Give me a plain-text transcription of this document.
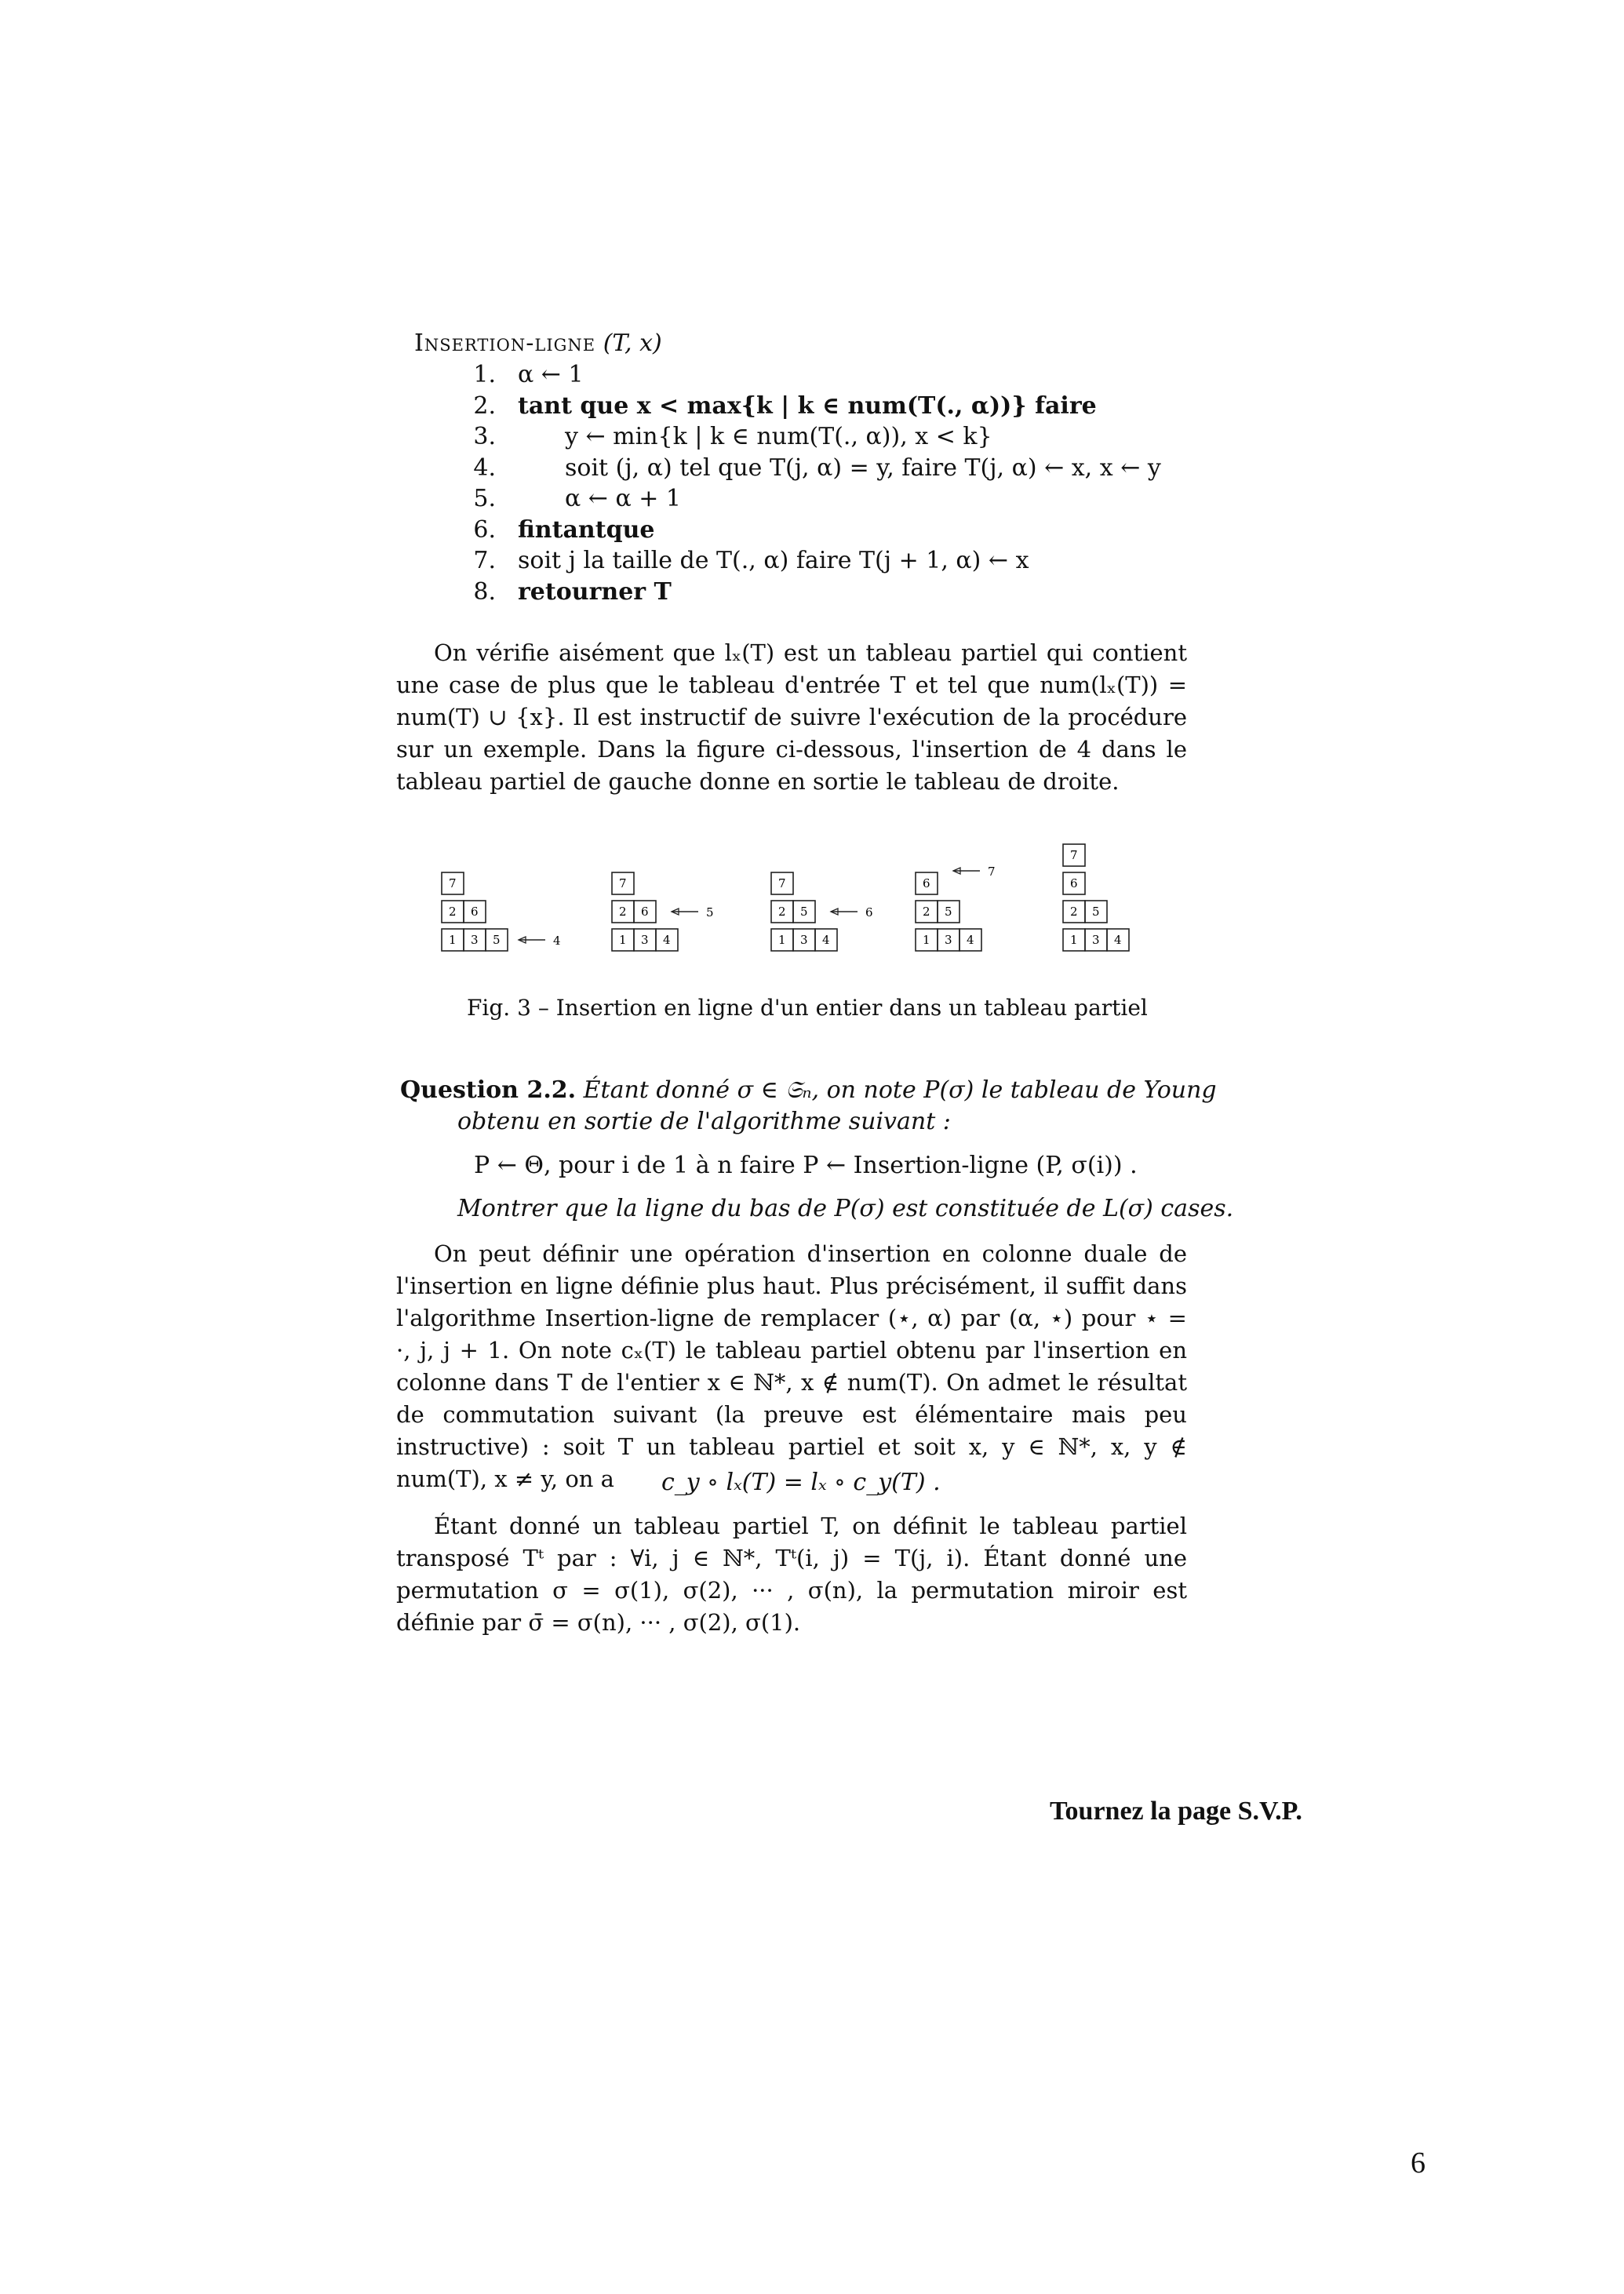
Insertion-ligne (T, x)
1. α ← 1
2. tant que x < max{k | k ∈ num(T(., α))} faire
3.	y ← min{k | k ∈ num(T(., α)), x < k}
4.	soit (j, α) tel que T(j, α) = y, faire T(j, α) ← x, x ← y
5.	α ← α + 1
6. fintantque
7. soit j la taille de T(., α) faire T(j + 1, α) ← x
8. retourner T
On vérifie aisément que lₓ(T) est un tableau partiel qui contient une case de plus que le tableau d'entrée T et tel que num(lₓ(T)) = num(T) ∪ {x}. Il est instructif de suivre l'exécution de la procédure sur un exemple. Dans la figure ci-dessous, l'insertion de 4 dans le tableau partiel de gauche donne en sortie le tableau de droite.
1 3 5
2 6
7
4	1 3 4
2 6
7
5
1 3 4
2 5
7
6
1 3 4
2 5
6
7
1 3 4
2 5
6
7
Fig. 3 – Insertion en ligne d'un entier dans un tableau partiel
Question 2.2. Étant donné σ ∈ 𝔖ₙ, on note P(σ) le tableau de Young
obtenu en sortie de l'algorithme suivant :
P ← Θ, pour i de 1 à n faire P ← Insertion-ligne (P, σ(i)) .
Montrer que la ligne du bas de P(σ) est constituée de L(σ) cases.
On peut définir une opération d'insertion en colonne duale de l'insertion en ligne définie plus haut. Plus précisément, il suffit dans l'algorithme Insertion-ligne de remplacer (⋆, α) par (α, ⋆) pour ⋆ = ·, j, j + 1. On note cₓ(T) le tableau partiel obtenu par l'insertion en colonne dans T de l'entier x ∈ ℕ*, x ∉ num(T). On admet le résultat de commutation suivant (la preuve est élémentaire mais peu instructive) : soit T un tableau partiel et soit x, y ∈ ℕ*, x, y ∉ num(T), x ≠ y, on a	c_y ∘ lₓ(T) = lₓ ∘ c_y(T) .
Étant donné un tableau partiel T, on définit le tableau partiel transposé Tᵗ par : ∀i, j ∈ ℕ*, Tᵗ(i, j) = T(j, i). Étant donné une permutation σ = σ(1), σ(2), ··· , σ(n), la permutation miroir est définie par σ̄ = σ(n), ··· , σ(2), σ(1).
Tournez la page S.V.P.
6
